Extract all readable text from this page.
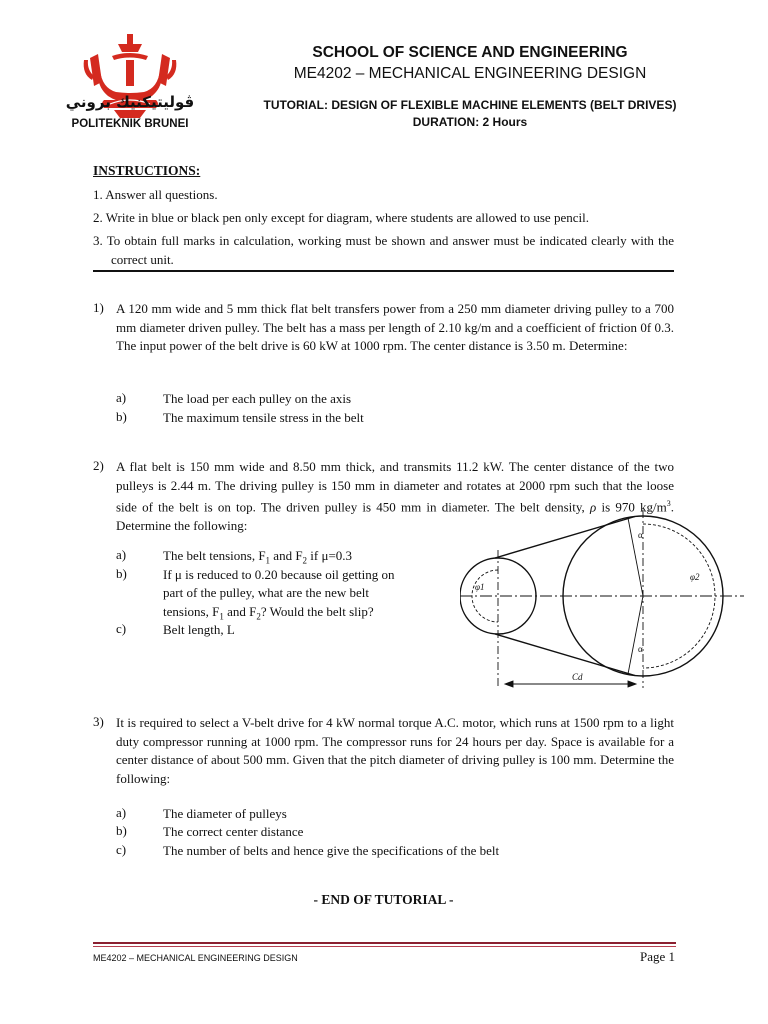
ڤوليتيکنيك بروني
POLITEKNIK BRUNEI
SCHOOL OF SCIENCE AND ENGINEERING
ME4202 – MECHANICAL ENGINEERING DESIGN
TUTORIAL: DESIGN OF FLEXIBLE MACHINE ELEMENTS (BELT DRIVES)
DURATION: 2 Hours
INSTRUCTIONS:
1. Answer all questions.
2. Write in blue or black pen only except for diagram, where students are allowed to use pencil.
3. To obtain full marks in calculation, working must be shown and answer must be indicated clearly with the correct unit.
1) A 120 mm wide and 5 mm thick flat belt transfers power from a 250 mm diameter driving pulley to a 700 mm diameter driven pulley. The belt has a mass per length of 2.10 kg/m and a coefficient of friction 0f 0.3. The input power of the belt drive is 60 kW at 1000 rpm. The center distance is 3.50 m. Determine:
a)	The load per each pulley on the axis
b)	The maximum tensile stress in the belt
2) A flat belt is 150 mm wide and 8.50 mm thick, and transmits 11.2 kW. The center distance of the two pulleys is 2.44 m. The driving pulley is 150 mm in diameter and rotates at 2000 rpm such that the loose side of the belt is on top. The driven pulley is 450 mm in diameter. The belt density, ρ is 970 $kg/m^3$. Determine the following:
a)	The belt tensions, $F_1$ and $F_2$ if μ=0.3
b)	If μ is reduced to 0.20 because oil getting on
part of the pulley, what are the new belt
tensions, $F_1$ and $F_2$? Would the belt slip?
c)	Belt length, L
φ1
φ2
α
α
Cd
3) It is required to select a V-belt drive for 4 kW normal torque A.C. motor, which runs at 1500 rpm to a light duty compressor running at 1000 rpm. The compressor runs for 24 hours per day. Space is available for a center distance of about 500 mm. Given that the pitch diameter of driving pulley is 100 mm. Determine the following:
a)	The diameter of pulleys
b)	The correct center distance
c)	The number of belts and hence give the specifications of the belt
- END OF TUTORIAL -
ME4202 – MECHANICAL ENGINEERING DESIGN	Page 1
